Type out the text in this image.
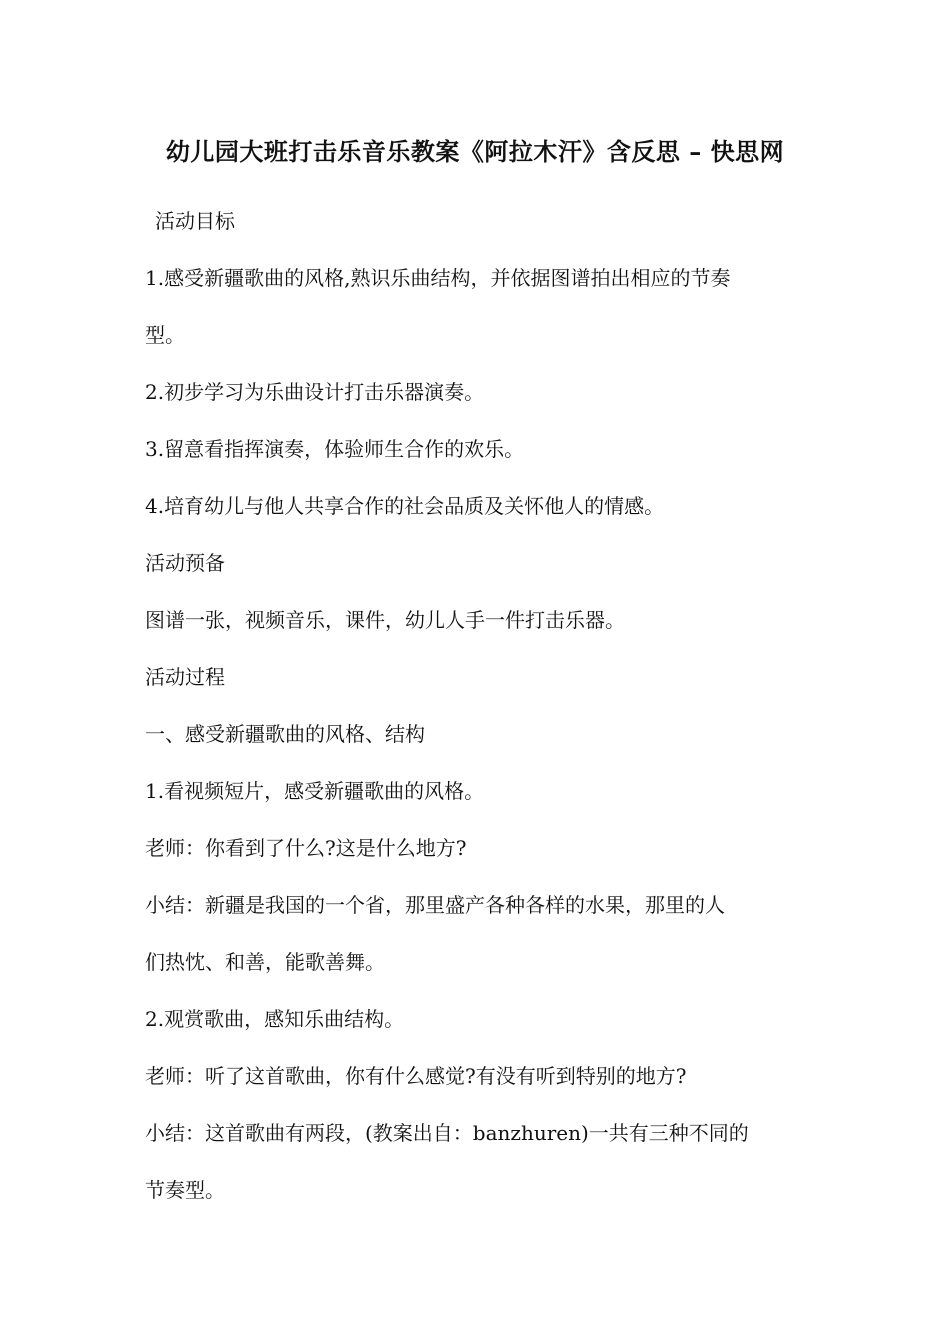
幼儿园大班打击乐音乐教案《阿拉木汗》含反思 – 快思网
活动目标
1.感受新疆歌曲的风格,熟识乐曲结构，并依据图谱拍出相应的节奏
型。
2.初步学习为乐曲设计打击乐器演奏。
3.留意看指挥演奏，体验师生合作的欢乐。
4.培育幼儿与他人共享合作的社会品质及关怀他人的情感。
活动预备
图谱一张，视频音乐，课件，幼儿人手一件打击乐器。
活动过程
一、感受新疆歌曲的风格、结构
1.看视频短片，感受新疆歌曲的风格。
老师：你看到了什么?这是什么地方?
小结：新疆是我国的一个省，那里盛产各种各样的水果，那里的人
们热忱、和善，能歌善舞。
2.观赏歌曲，感知乐曲结构。
老师：听了这首歌曲，你有什么感觉?有没有听到特别的地方?
小结：这首歌曲有两段，(教案出自：banzhuren)一共有三种不同的
节奏型。
